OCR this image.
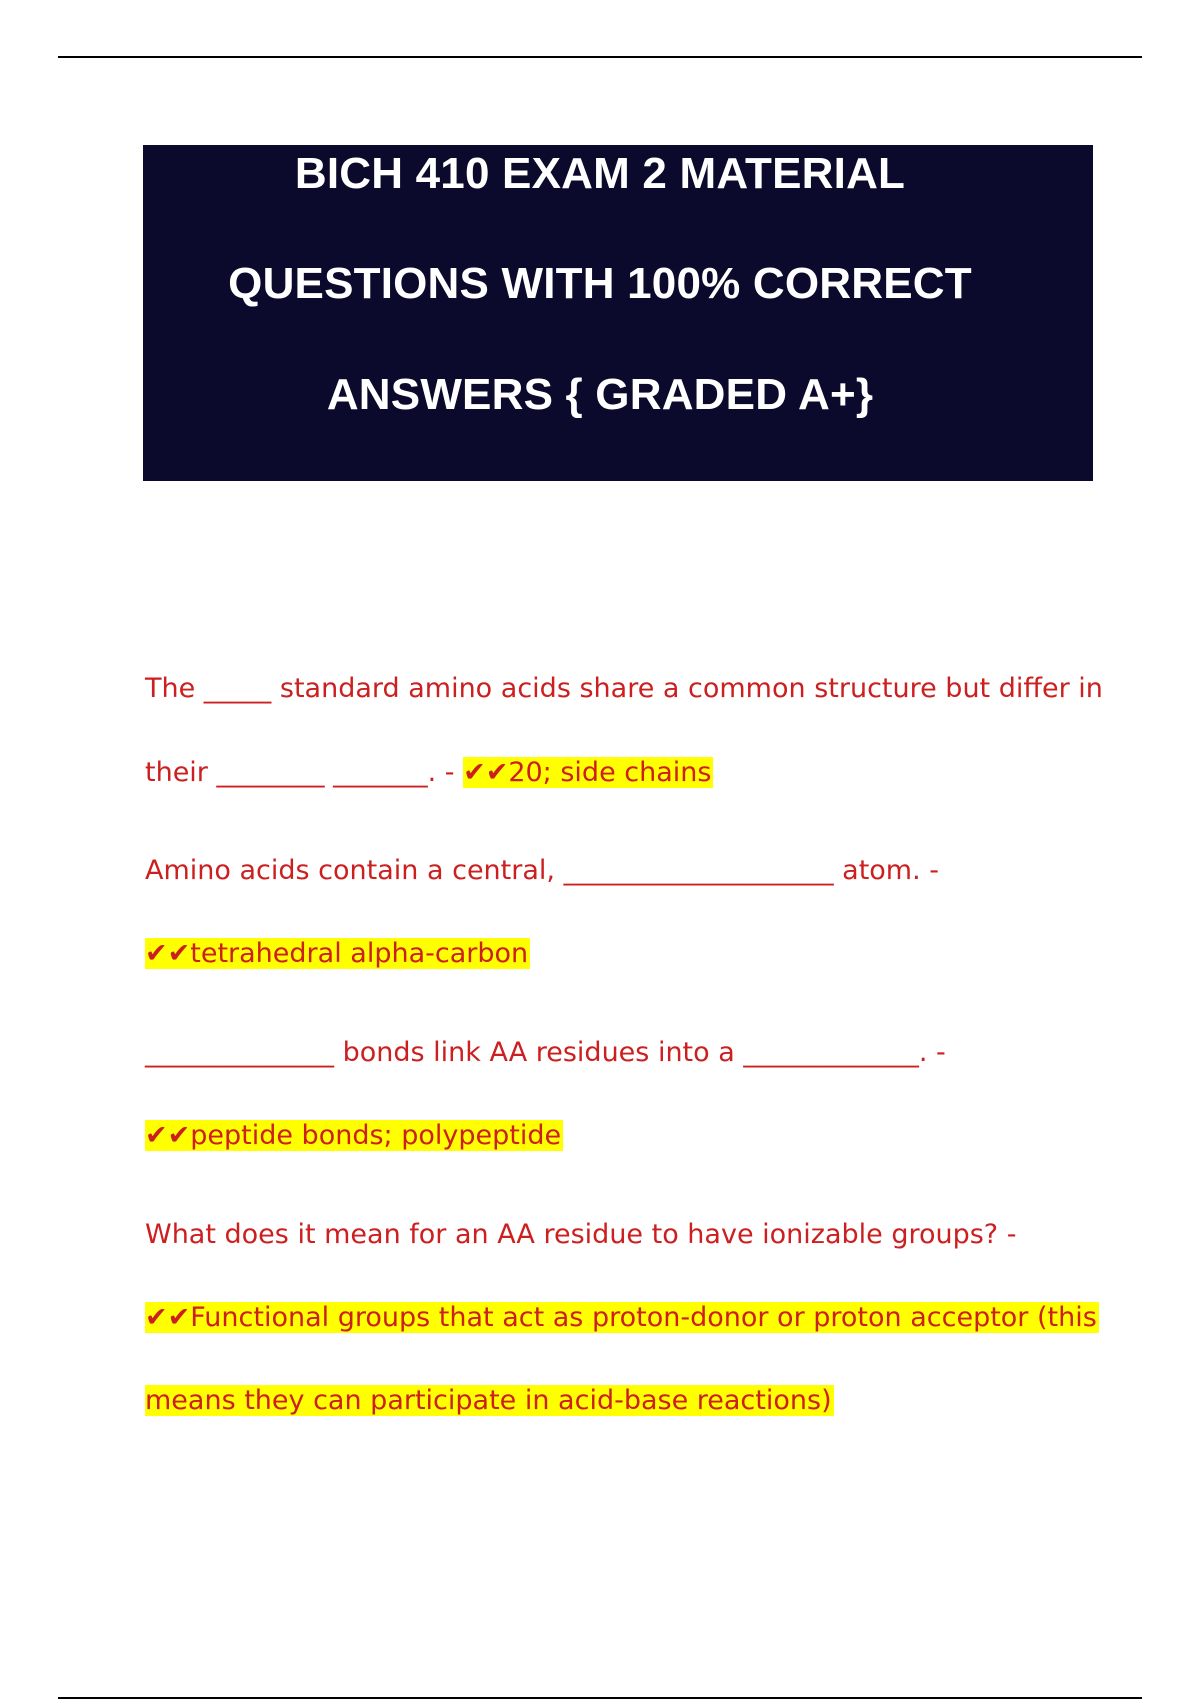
BICH 410 EXAM 2 MATERIAL
QUESTIONS WITH 100% CORRECT
ANSWERS { GRADED A+}
The _____ standard amino acids share a common structure but differ in
their ________ _______. - ✔✔20; side chains
Amino acids contain a central, ____________________ atom. -
✔✔tetrahedral alpha-carbon
______________ bonds link AA residues into a _____________. -
✔✔peptide bonds; polypeptide
What does it mean for an AA residue to have ionizable groups? -
✔✔Functional groups that act as proton-donor or proton acceptor (this
means they can participate in acid-base reactions)
